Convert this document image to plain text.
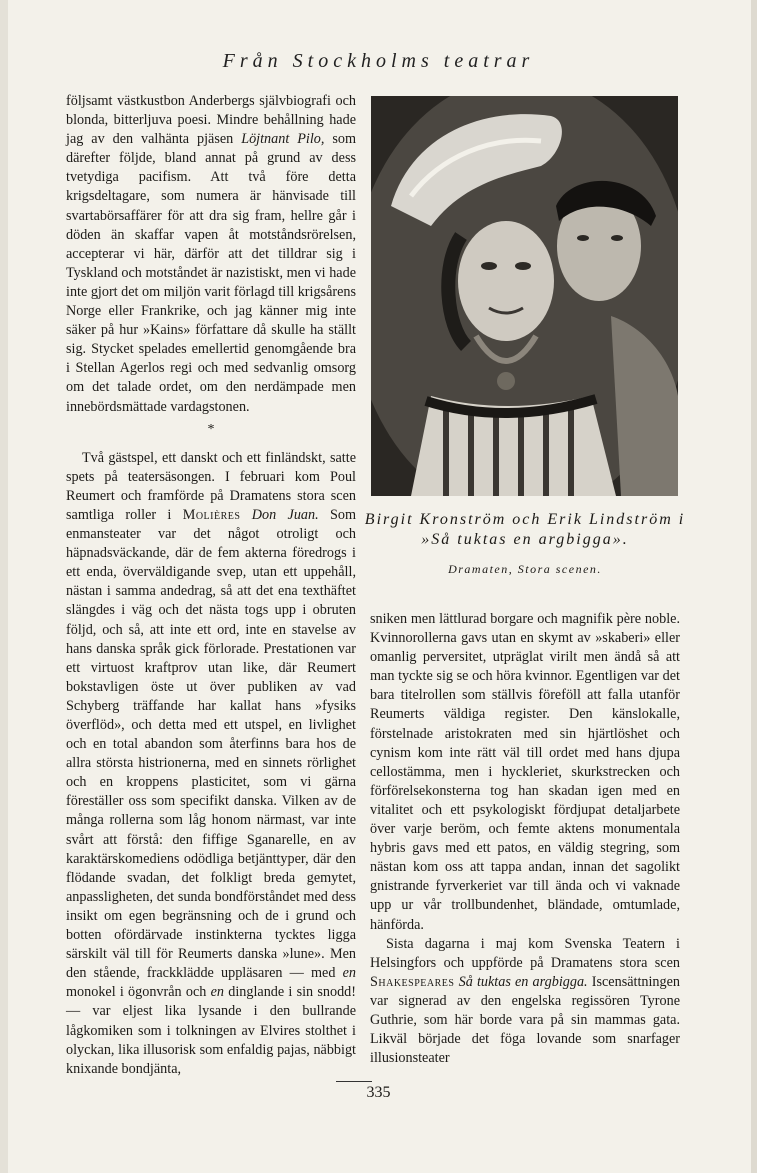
Från Stockholms teatrar

följsamt västkustbon Anderbergs självbiografi och blonda, bitterljuva poesi. Mindre behållning hade jag av den valhänta pjäsen Löjtnant Pilo, som därefter följde, bland annat på grund av dess tvetydiga pacifism. Att två före detta krigsdeltagare, som numera är hänvisade till svartabörsaffärer för att dra sig fram, hellre går i döden än skaffar vapen åt motståndsrörelsen, accepterar vi här, därför att det tilldrar sig i Tyskland och motståndet är nazistiskt, men vi hade inte gjort det om miljön varit förlagd till krigsårens Norge eller Frankrike, och jag känner mig inte säker på hur »Kains» författare då skulle ha ställt sig. Stycket spelades emellertid genomgående bra i Stellan Agerlos regi och med sedvanlig omsorg om det talade ordet, om den nerdämpade men innebördsmättade vardagstonen.

*

Två gästspel, ett danskt och ett finländskt, satte spets på teatersäsongen. I februari kom Poul Reumert och framförde på Dramatens stora scen samtliga roller i Molières Don Juan. Som enmansteater var det något otroligt och häpnadsväckande, där de fem akterna föredrogs i ett enda, överväldigande svep, utan ett uppehåll, nästan i samma andedrag, så att det ena texthäftet slängdes i väg och det nästa togs upp i obruten följd, och så, att inte ett ord, inte en stavelse av hans danska språk gick förlorade. Prestationen var ett virtuost kraftprov utan like, där Reumert bokstavligen öste ut över publiken av vad Schyberg träffande har kallat hans »fysiks överflöd», och detta med ett utspel, en livlighet och en total abandon som återfinns bara hos de allra största histrionerna, med en sinnets rörlighet och en kroppens plasticitet, som vi gärna föreställer oss som specifikt danska. Vilken av de många rollerna som låg honom närmast, var inte svårt att förstå: den fiffige Sganarelle, en av karaktärskomediens odödliga betjänttyper, där den flödande svadan, det folkligt breda gemytet, anpassligheten, det sunda bondförståndet med dess insikt om egen begränsning och de i grund och botten ofördärvade instinkterna tycktes ligga särskilt väl till för Reumerts danska »lune». Men den stående, frackklädde uppläsaren — med en monokel i ögonvrån och en dinglande i sin snodd! — var eljest lika lysande i den bullrande lågkomiken som i tolkningen av Elvires stolthet i olyckan, lika illusorisk som enfaldig pajas, näbbigt knixande bondjänta,

Birgit Kronström och Erik Lindström i »Så tuktas en argbigga».
Dramaten, Stora scenen.

sniken men lättlurad borgare och magnifik père noble. Kvinnorollerna gavs utan en skymt av »skaberi» eller omanlig perversitet, utpräglat virilt men ändå så att man tyckte sig se och höra kvinnor. Egentligen var det bara titelrollen som ställvis föreföll att falla utanför Reumerts väldiga register. Den känslokalle, förstelnade aristokraten med sin hjärtlöshet och cynism kom inte rätt väl till ordet med hans djupa cellostämma, men i hyckleriet, skurkstrecken och förförelsekonsterna tog han skadan igen med en vitalitet och ett psykologiskt fördjupat detaljarbete över varje beröm, och femte aktens monumentala hybris gavs med ett patos, en väldig stegring, som nästan kom oss att tappa andan, innan det sagolikt gnistrande fyrverkeriet var till ända och vi vaknade upp ur vår trollbundenhet, bländade, omtumlade, hänförda.

Sista dagarna i maj kom Svenska Teatern i Helsingfors och uppförde på Dramatens stora scen Shakespeares Så tuktas en argbigga. Iscensättningen var signerad av den engelska regissören Tyrone Guthrie, som här borde vara på sin mammas gata. Likväl började det föga lovande som snarfager illusionsteater

335
